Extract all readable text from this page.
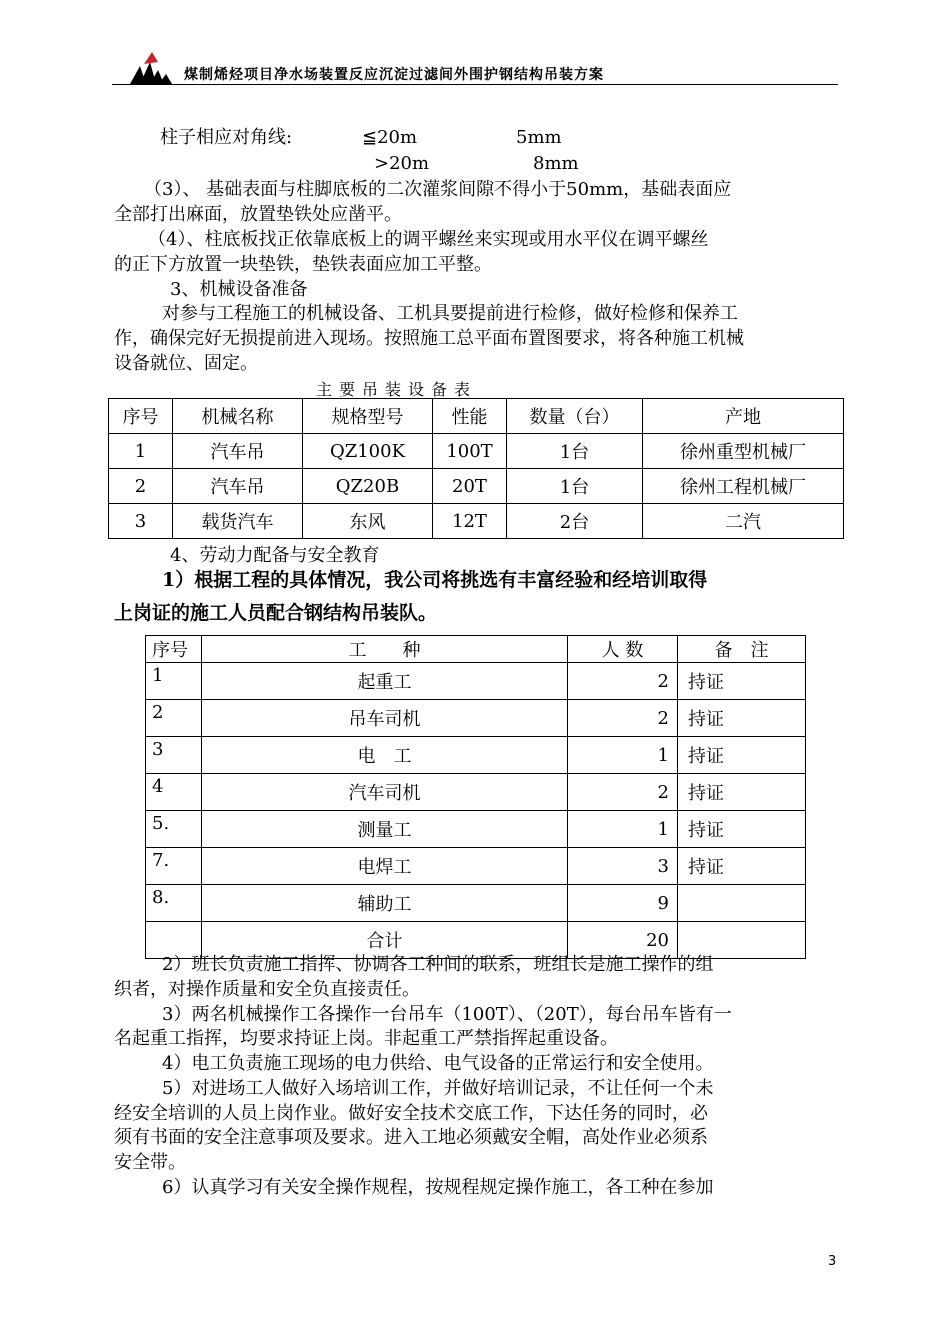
煤制烯烃项目净水场装置反应沉淀过滤间外围护钢结构吊装方案
柱子相应对角线:	≦20m	5mm
>20m	8mm
（3）、 基础表面与柱脚底板的二次灌浆间隙不得小于50mm，基础表面应
全部打出麻面，放置垫铁处应凿平。
（4）、柱底板找正依靠底板上的调平螺丝来实现或用水平仪在调平螺丝
的正下方放置一块垫铁，垫铁表面应加工平整。
3、机械设备准备
对参与工程施工的机械设备、工机具要提前进行检修，做好检修和保养工
作，确保完好无损提前进入现场。按照施工总平面布置图要求，将各种施工机械
设备就位、固定。
主要吊装设备表
序号	机械名称	规格型号	性能	数量（台）	产地
1	汽车吊	QZ100K	100T	1台	徐州重型机械厂
2	汽车吊	QZ20B	20T	1台	徐州工程机械厂
3	载货汽车	东风	12T	2台	二汽
4、劳动力配备与安全教育
1）根据工程的具体情况，我公司将挑选有丰富经验和经培训取得
上岗证的施工人员配合钢结构吊装队。
序号	工　　种	人 数	备　注
1	起重工	2	持证
2	吊车司机	2	持证
3	电　工	1	持证
4	汽车司机	2	持证
5.	测量工	1	持证
7.	电焊工	3	持证
8.	辅助工	9	
	合计	20	
2）班长负责施工指挥、协调各工种间的联系，班组长是施工操作的组
织者，对操作质量和安全负直接责任。
3）两名机械操作工各操作一台吊车（100T）、（20T），每台吊车皆有一
名起重工指挥，均要求持证上岗。非起重工严禁指挥起重设备。
4）电工负责施工现场的电力供给、电气设备的正常运行和安全使用。
5）对进场工人做好入场培训工作，并做好培训记录，不让任何一个未
经安全培训的人员上岗作业。做好安全技术交底工作，下达任务的同时，必
须有书面的安全注意事项及要求。进入工地必须戴安全帽，高处作业必须系
安全带。
6）认真学习有关安全操作规程，按规程规定操作施工，各工种在参加
3
